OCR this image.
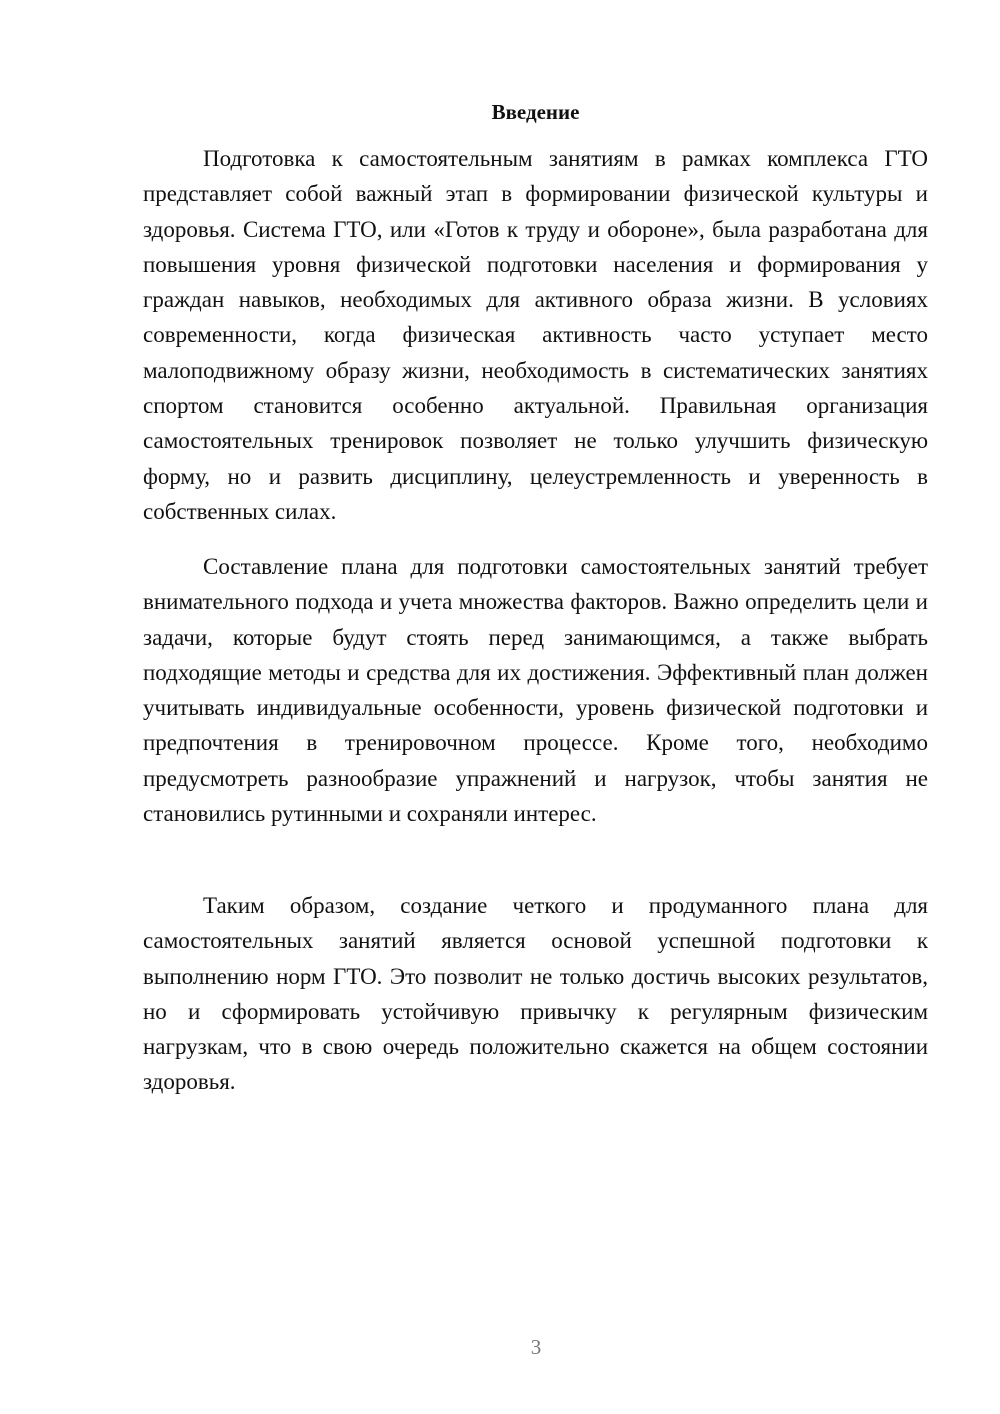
Введение

Подготовка к самостоятельным занятиям в рамках комплекса ГТО представляет собой важный этап в формировании физической культуры и здоровья. Система ГТО, или «Готов к труду и обороне», была разработана для повышения уровня физической подготовки населения и формирования у граждан навыков, необходимых для активного образа жизни. В условиях современности, когда физическая активность часто уступает место малоподвижному образу жизни, необходимость в систематических занятиях спортом становится особенно актуальной. Правильная организация самостоятельных тренировок позволяет не только улучшить физическую форму, но и развить дисциплину, целеустремленность и уверенность в собственных силах.

Составление плана для подготовки самостоятельных занятий требует внимательного подхода и учета множества факторов. Важно определить цели и задачи, которые будут стоять перед занимающимся, а также выбрать подходящие методы и средства для их достижения. Эффективный план должен учитывать индивидуальные особенности, уровень физической подготовки и предпочтения в тренировочном процессе. Кроме того, необходимо предусмотреть разнообразие упражнений и нагрузок, чтобы занятия не становились рутинными и сохраняли интерес.

Таким образом, создание четкого и продуманного плана для самостоятельных занятий является основой успешной подготовки к выполнению норм ГТО. Это позволит не только достичь высоких результатов, но и сформировать устойчивую привычку к регулярным физическим нагрузкам, что в свою очередь положительно скажется на общем состоянии здоровья.

3
